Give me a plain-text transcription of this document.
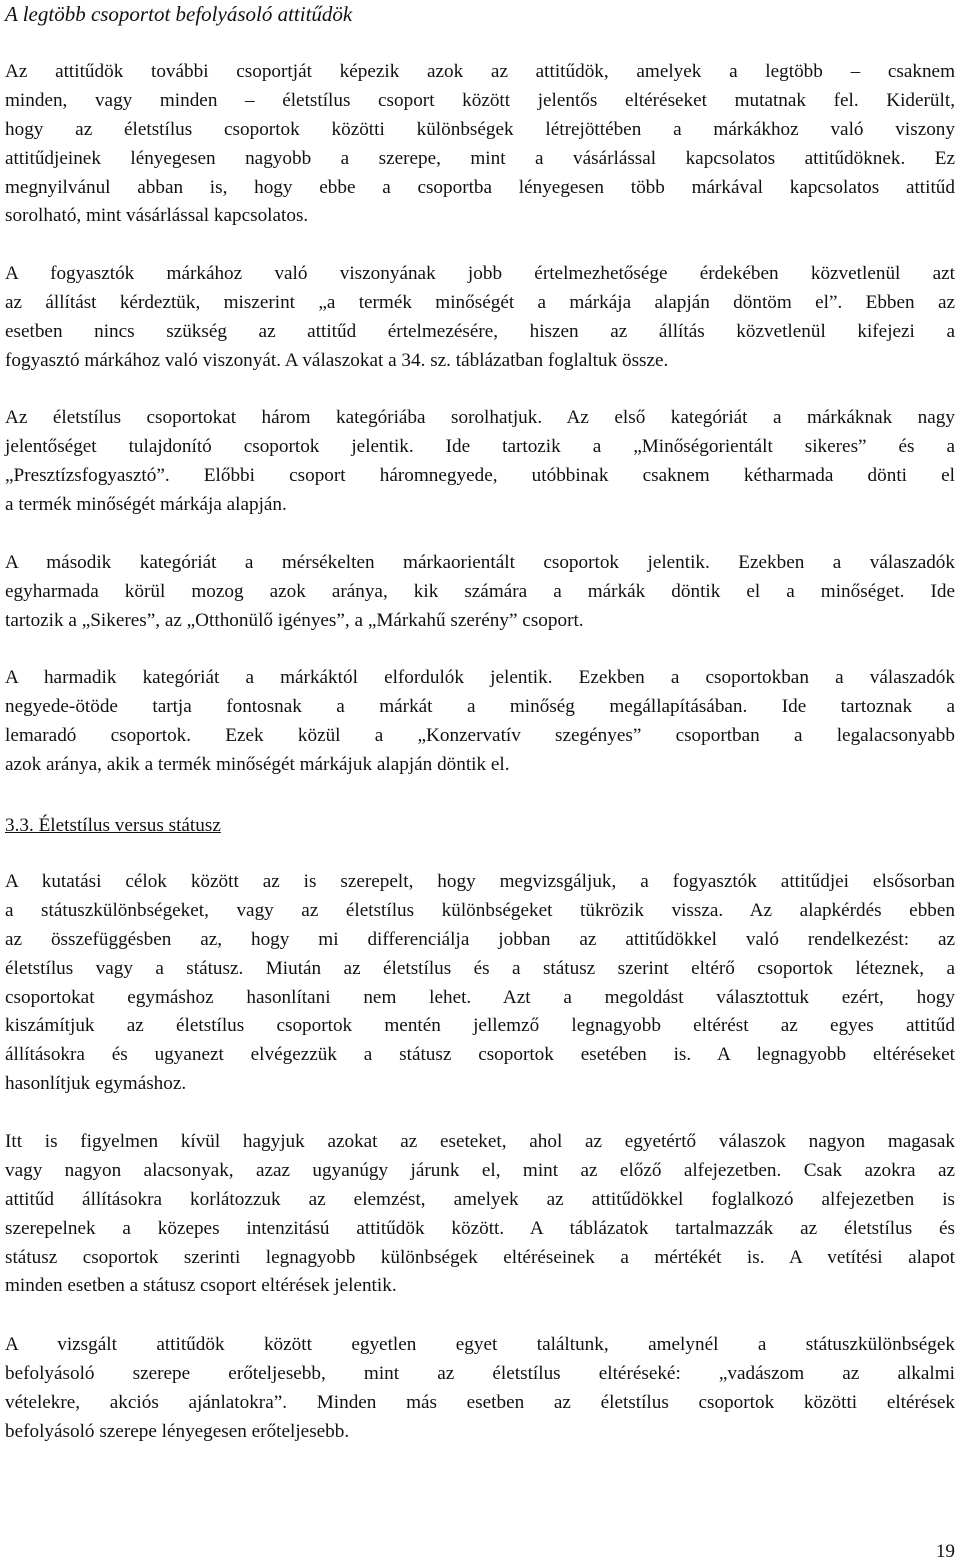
A legtöbb csoportot befolyásoló attitűdök
Az attitűdök további csoportját képezik azok az attitűdök, amelyek a legtöbb – csaknem
minden, vagy minden – életstílus csoport között jelentős eltéréseket mutatnak fel. Kiderült,
hogy az életstílus csoportok közötti különbségek létrejöttében a márkákhoz való viszony
attitűdjeinek lényegesen nagyobb a szerepe, mint a vásárlással kapcsolatos attitűdöknek. Ez
megnyilvánul abban is, hogy ebbe a csoportba lényegesen több márkával kapcsolatos attitűd
sorolható, mint vásárlással kapcsolatos.
A fogyasztók márkához való viszonyának jobb értelmezhetősége érdekében közvetlenül azt
az állítást kérdeztük, miszerint „a termék minőségét a márkája alapján döntöm el”. Ebben az
esetben nincs szükség az attitűd értelmezésére, hiszen az állítás közvetlenül kifejezi a
fogyasztó márkához való viszonyát. A válaszokat a 34. sz. táblázatban foglaltuk össze.
Az életstílus csoportokat három kategóriába sorolhatjuk. Az első kategóriát a márkáknak nagy
jelentőséget tulajdonító csoportok jelentik. Ide tartozik a „Minőségorientált sikeres” és a
„Presztízsfogyasztó”. Előbbi csoport háromnegyede, utóbbinak csaknem kétharmada dönti el
a termék minőségét márkája alapján.
A második kategóriát a mérsékelten márkaorientált csoportok jelentik. Ezekben a válaszadók
egyharmada körül mozog azok aránya, kik számára a márkák döntik el a minőséget. Ide
tartozik a „Sikeres”, az „Otthonülő igényes”, a „Márkahű szerény” csoport.
A harmadik kategóriát a márkáktól elfordulók jelentik. Ezekben a csoportokban a válaszadók
negyede-ötöde tartja fontosnak a márkát a minőség megállapításában. Ide tartoznak a
lemaradó csoportok. Ezek közül a „Konzervatív szegényes” csoportban a legalacsonyabb
azok aránya, akik a termék minőségét márkájuk alapján döntik el.
3.3. Életstílus versus státusz
A kutatási célok között az is szerepelt, hogy megvizsgáljuk, a fogyasztók attitűdjei elsősorban
a státuszkülönbségeket, vagy az életstílus különbségeket tükrözik vissza. Az alapkérdés ebben
az összefüggésben az, hogy mi differenciálja jobban az attitűdökkel való rendelkezést: az
életstílus vagy a státusz. Miután az életstílus és a státusz szerint eltérő csoportok léteznek, a
csoportokat egymáshoz hasonlítani nem lehet. Azt a megoldást választottuk ezért, hogy
kiszámítjuk az életstílus csoportok mentén jellemző legnagyobb eltérést az egyes attitűd
állításokra és ugyanezt elvégezzük a státusz csoportok esetében is. A legnagyobb eltéréseket
hasonlítjuk egymáshoz.
Itt is figyelmen kívül hagyjuk azokat az eseteket, ahol az egyetértő válaszok nagyon magasak
vagy nagyon alacsonyak, azaz ugyanúgy járunk el, mint az előző alfejezetben. Csak azokra az
attitűd állításokra korlátozzuk az elemzést, amelyek az attitűdökkel foglalkozó alfejezetben is
szerepelnek a közepes intenzitású attitűdök között. A táblázatok tartalmazzák az életstílus és
státusz csoportok szerinti legnagyobb különbségek eltéréseinek a mértékét is. A vetítési alapot
minden esetben a státusz csoport eltérések jelentik.
A vizsgált attitűdök között egyetlen egyet találtunk, amelynél a státuszkülönbségek
befolyásoló szerepe erőteljesebb, mint az életstílus eltéréseké: „vadászom az alkalmi
vételekre, akciós ajánlatokra”. Minden más esetben az életstílus csoportok közötti eltérések
befolyásoló szerepe lényegesen erőteljesebb.
19
